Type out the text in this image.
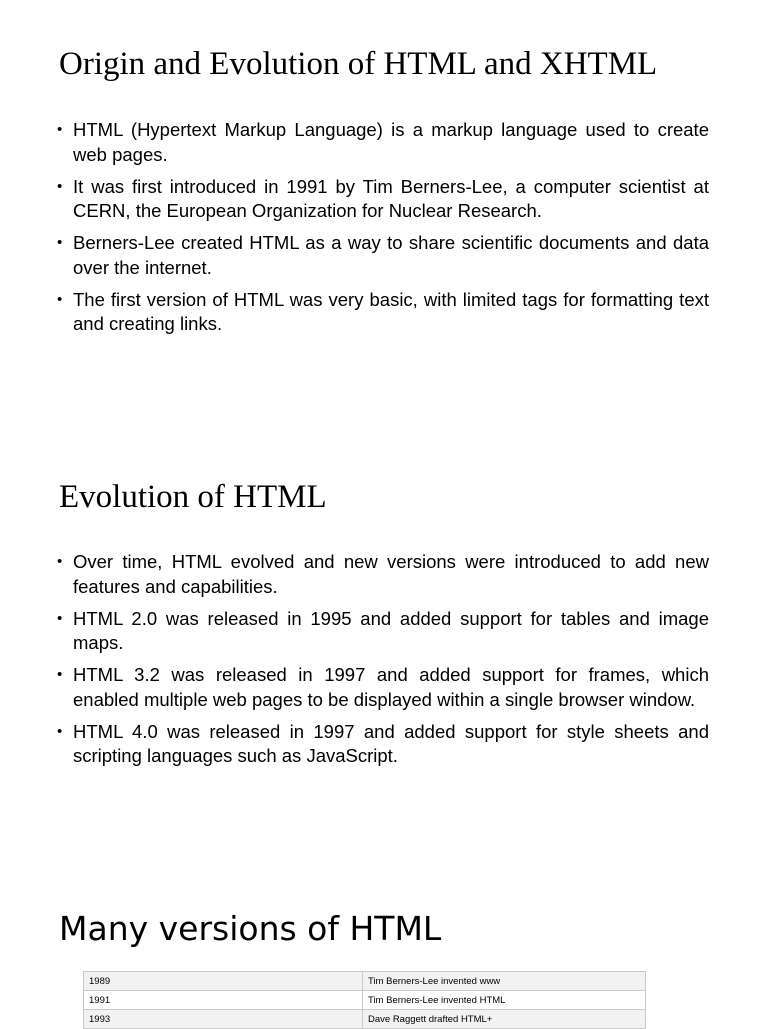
Origin and Evolution of HTML and XHTML
• HTML (Hypertext Markup Language) is a markup language used to create web pages.
• It was first introduced in 1991 by Tim Berners-Lee, a computer scientist at CERN, the European Organization for Nuclear Research.
• Berners-Lee created HTML as a way to share scientific documents and data over the internet.
• The first version of HTML was very basic, with limited tags for formatting text and creating links.
Evolution of HTML
• Over time, HTML evolved and new versions were introduced to add new features and capabilities.
• HTML 2.0 was released in 1995 and added support for tables and image maps.
• HTML 3.2 was released in 1997 and added support for frames, which enabled multiple web pages to be displayed within a single browser window.
• HTML 4.0 was released in 1997 and added support for style sheets and scripting languages such as JavaScript.
Many versions of HTML
1989	Tim Berners-Lee invented www
1991	Tim Berners-Lee invented HTML
1993	Dave Raggett drafted HTML+
